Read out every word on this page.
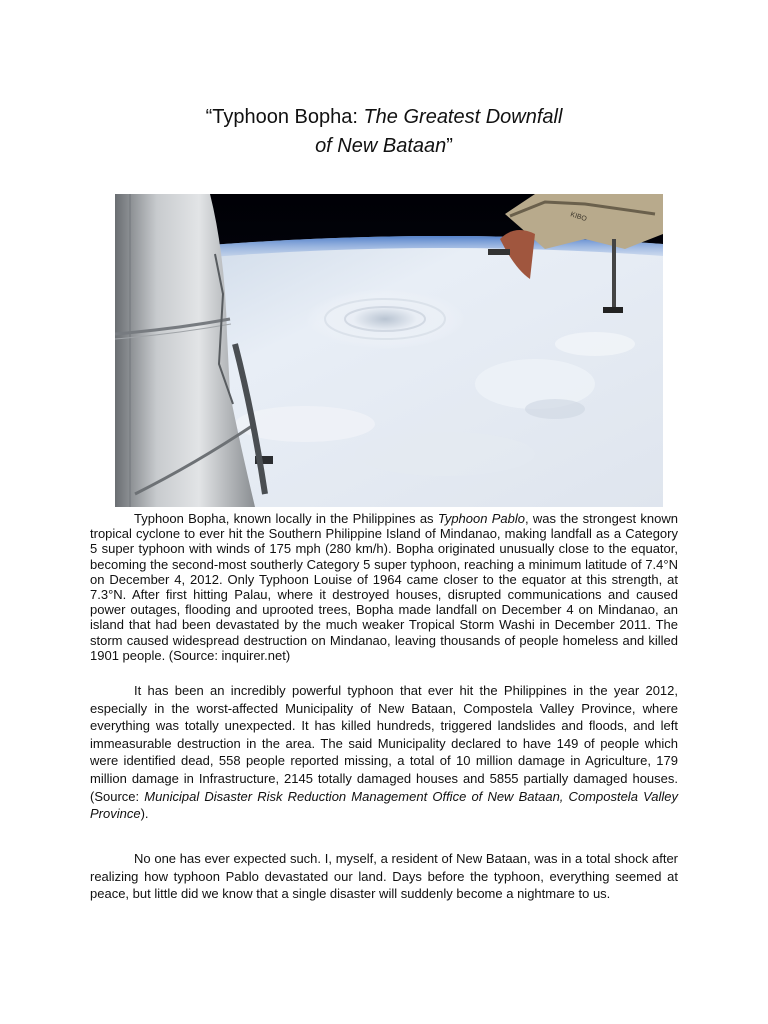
“Typhoon Bopha: The Greatest Downfall
of New Bataan”
KIBO

Typhoon Bopha, known locally in the Philippines as Typhoon Pablo, was the strongest known tropical cyclone to ever hit the Southern Philippine Island of Mindanao, making landfall as a Category 5 super typhoon with winds of 175 mph (280 km/h). Bopha originated unusually close to the equator, becoming the second-most southerly Category 5 super typhoon, reaching a minimum latitude of 7.4°N on December 4, 2012. Only Typhoon Louise of 1964 came closer to the equator at this strength, at 7.3°N. After first hitting Palau, where it destroyed houses, disrupted communications and caused power outages, flooding and uprooted trees, Bopha made landfall on December 4 on Mindanao, an island that had been devastated by the much weaker Tropical Storm Washi in December 2011. The storm caused widespread destruction on Mindanao, leaving thousands of people homeless and killed 1901 people. (Source: inquirer.net)

It has been an incredibly powerful typhoon that ever hit the Philippines in the year 2012, especially in the worst-affected Municipality of New Bataan, Compostela Valley Province, where everything was totally unexpected. It has killed hundreds, triggered landslides and floods, and left immeasurable destruction in the area. The said Municipality declared to have 149 of people which were identified dead, 558 people reported missing, a total of 10 million damage in Agriculture, 179 million damage in Infrastructure, 2145 totally damaged houses and 5855 partially damaged houses. (Source: Municipal Disaster Risk Reduction Management Office of New Bataan, Compostela Valley Province).

No one has ever expected such. I, myself, a resident of New Bataan, was in a total shock after realizing how typhoon Pablo devastated our land. Days before the typhoon, everything seemed at peace, but little did we know that a single disaster will suddenly become a nightmare to us.
